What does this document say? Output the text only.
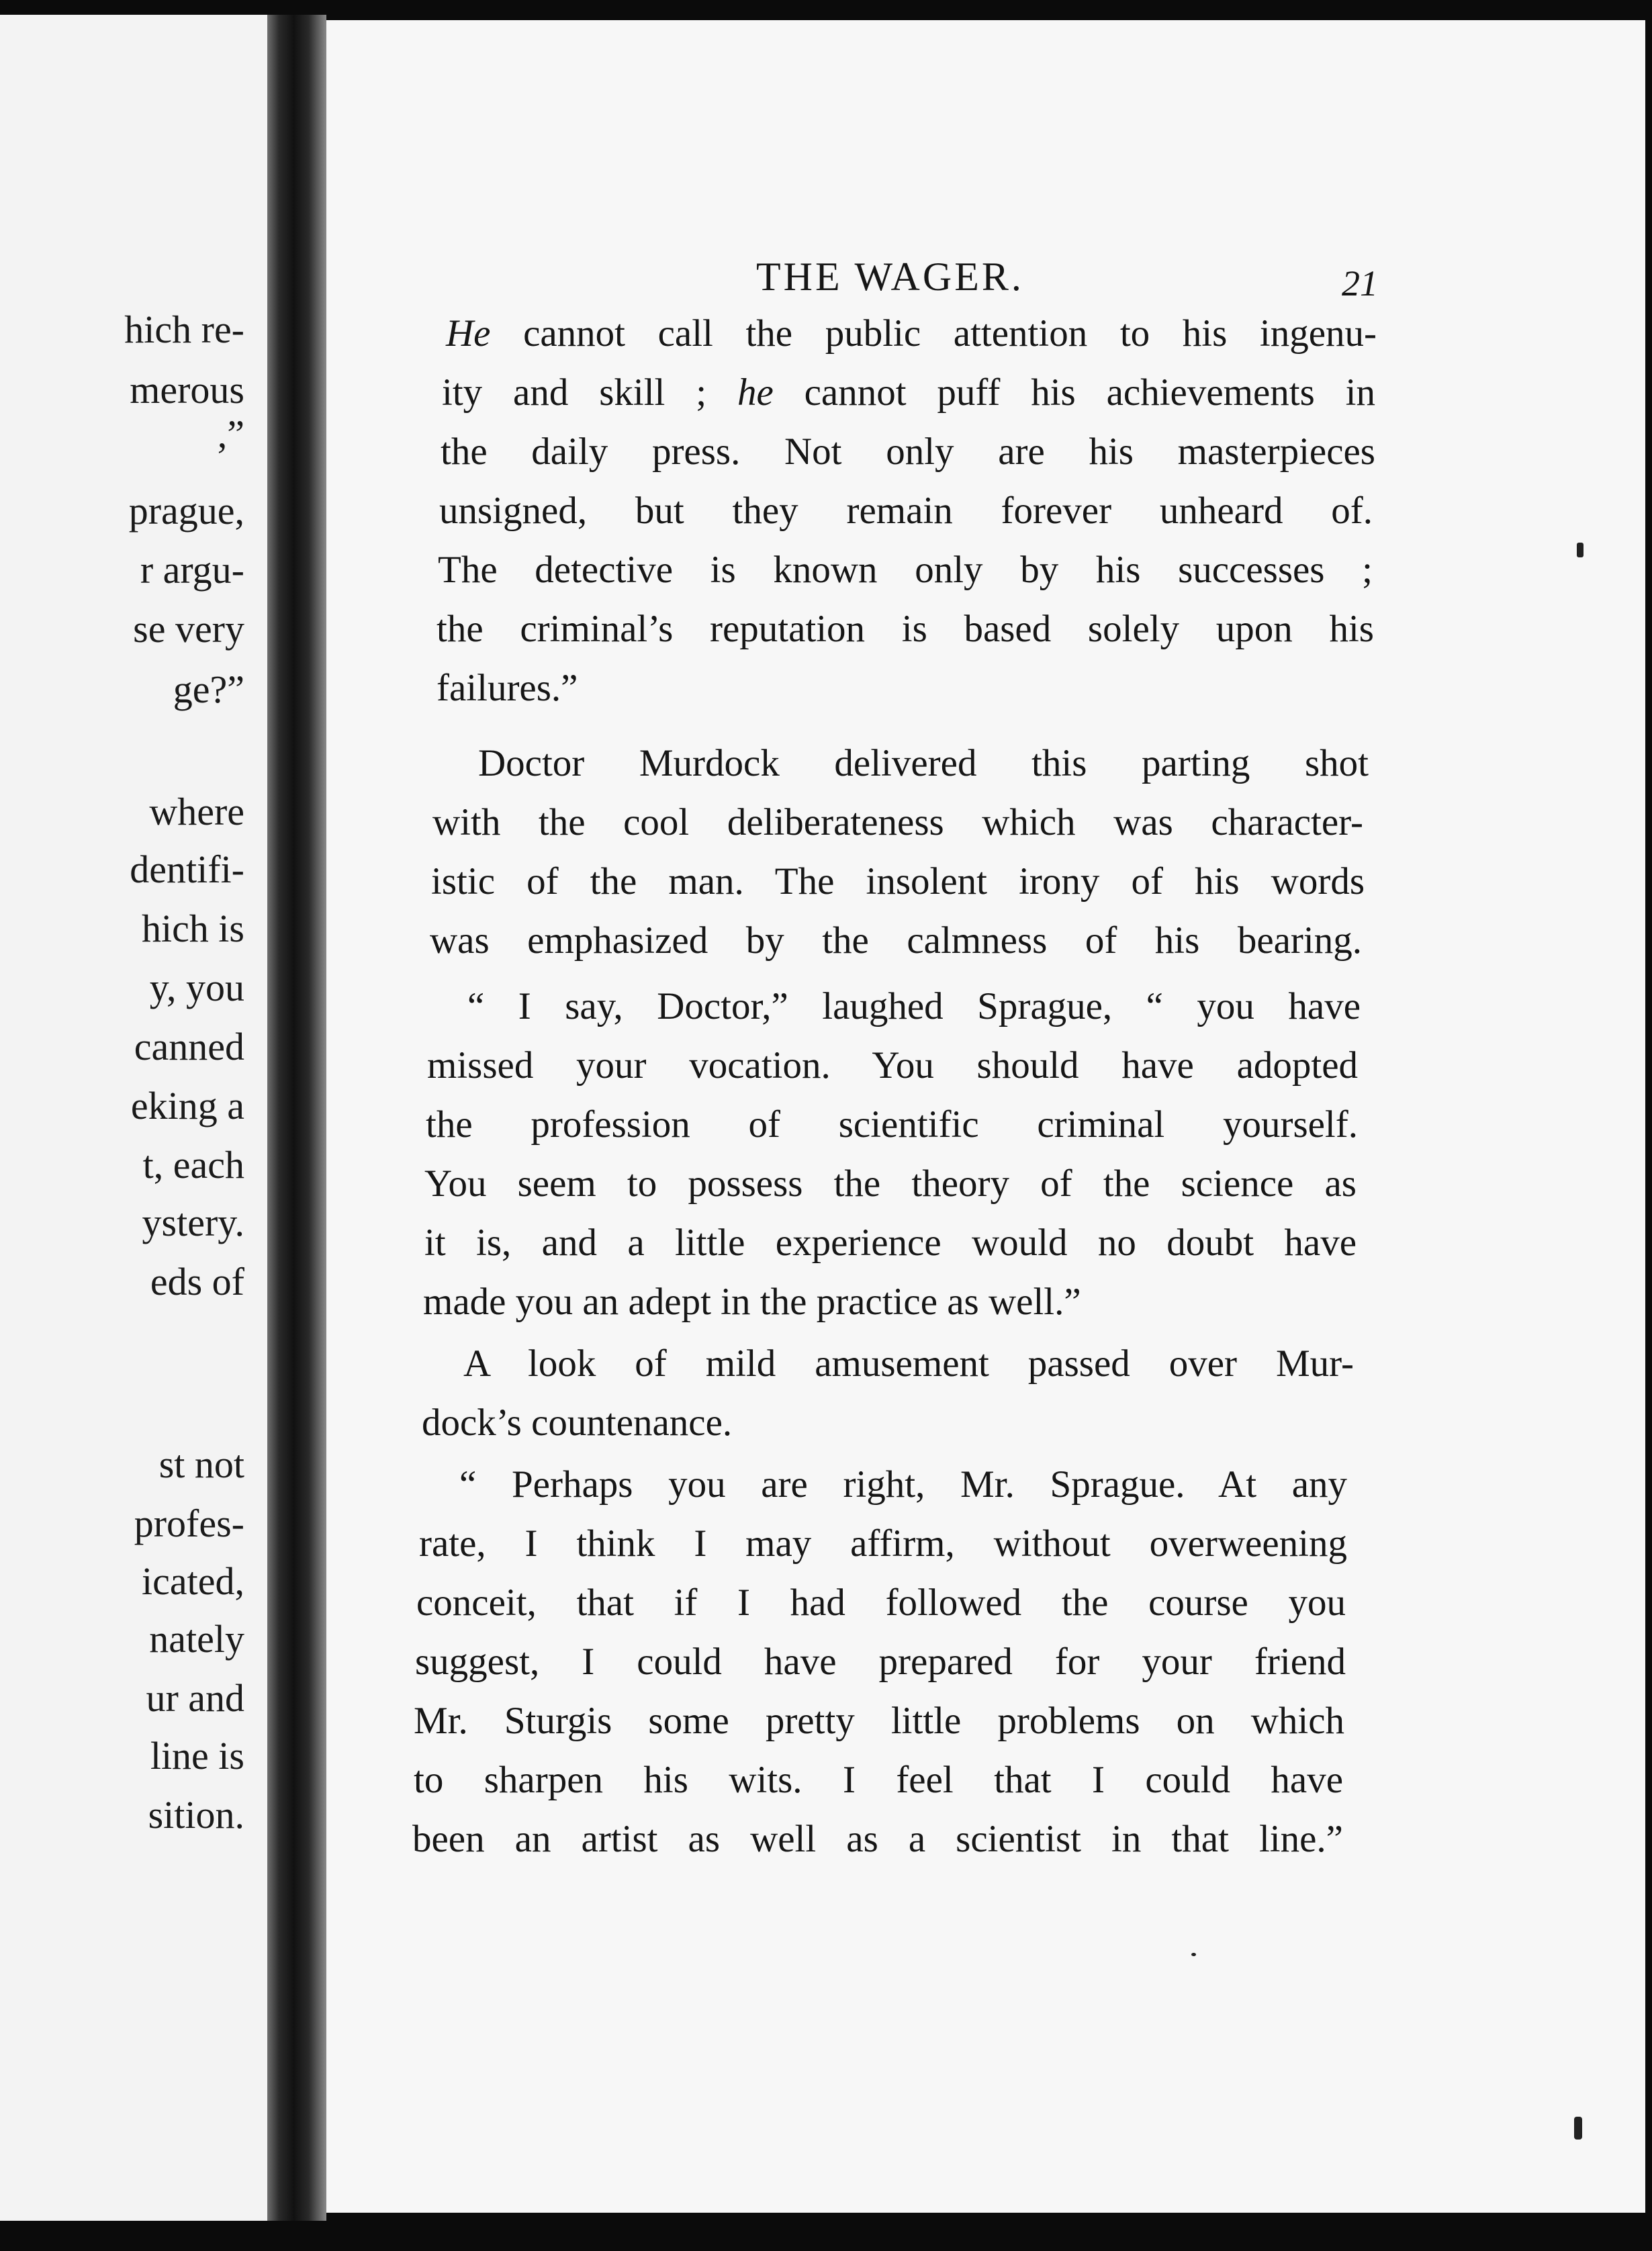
hich re-
merous
,”
prague,
r argu-
se very
ge?”
where
dentifi-
hich is
y, you
canned
eking a
t, each
ystery.
eds of
st not
profes-
icated,
nately
ur and
line is
sition.
THE WAGER.	21
He cannot call the public attention to his ingenu-
ity and skill ; he cannot puff his achievements in
the daily press. Not only are his masterpieces
unsigned, but they remain forever unheard of.
The detective is known only by his successes ;
the criminal’s reputation is based solely upon his
failures.”
Doctor Murdock delivered this parting shot
with the cool deliberateness which was character-
istic of the man. The insolent irony of his words
was emphasized by the calmness of his bearing.
“ I say, Doctor,” laughed Sprague, “ you have
missed your vocation. You should have adopted
the profession of scientific criminal yourself.
You seem to possess the theory of the science as
it is, and a little experience would no doubt have
made you an adept in the practice as well.”
A look of mild amusement passed over Mur-
dock’s countenance.
“ Perhaps you are right, Mr. Sprague. At any
rate, I think I may affirm, without overweening
conceit, that if I had followed the course you
suggest, I could have prepared for your friend
Mr. Sturgis some pretty little problems on which
to sharpen his wits. I feel that I could have
been an artist as well as a scientist in that line.”
